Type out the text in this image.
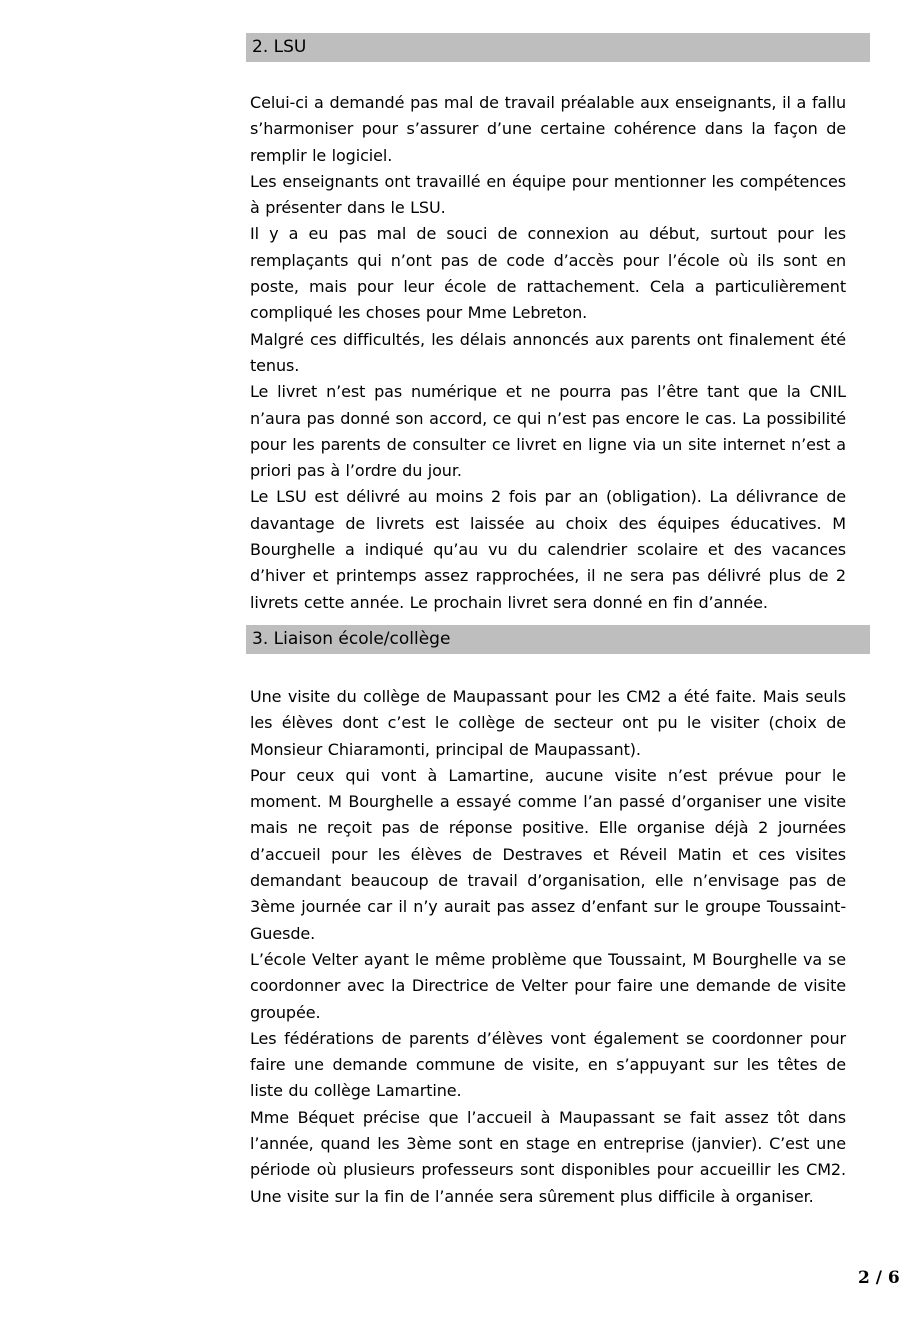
2. LSU

Celui-ci a demandé pas mal de travail préalable aux enseignants, il a fallu s’harmoniser pour s’assurer d’une certaine cohérence dans la façon de remplir le logiciel.

Les enseignants ont travaillé en équipe pour mentionner les compétences à présenter dans le LSU.

Il y a eu pas mal de souci de connexion au début, surtout pour les remplaçants qui n’ont pas de code d’accès pour l’école où ils sont en poste, mais pour leur école de rattachement. Cela a particulièrement compliqué les choses pour Mme Lebreton.

Malgré ces difficultés, les délais annoncés aux parents ont finalement été tenus.

Le livret n’est pas numérique et ne pourra pas l’être tant que la CNIL n’aura pas donné son accord, ce qui n’est pas encore le cas. La possibilité pour les parents de consulter ce livret en ligne via un site internet n’est a priori pas à l’ordre du jour.

Le LSU est délivré au moins 2 fois par an (obligation). La délivrance de davantage de livrets est laissée au choix des équipes éducatives. M Bourghelle a indiqué qu’au vu du calendrier scolaire et des vacances d’hiver et printemps assez rapprochées, il ne sera pas délivré plus de 2 livrets cette année. Le prochain livret sera donné en fin d’année.

3. Liaison école/collège

Une visite du collège de Maupassant pour les CM2 a été faite. Mais seuls les élèves dont c’est le collège de secteur ont pu le visiter (choix de Monsieur Chiaramonti, principal de Maupassant).

Pour ceux qui vont à Lamartine, aucune visite n’est prévue pour le moment. M Bourghelle a essayé comme l’an passé d’organiser une visite mais ne reçoit pas de réponse positive. Elle organise déjà 2 journées d’accueil pour les élèves de Destraves et Réveil Matin et ces visites demandant beaucoup de travail d’organisation, elle n’envisage pas de 3ème journée car il n’y aurait pas assez d’enfant sur le groupe Toussaint-Guesde.

L’école Velter ayant le même problème que Toussaint, M Bourghelle va se coordonner avec la Directrice de Velter pour faire une demande de visite groupée.

Les fédérations de parents d’élèves vont également se coordonner pour faire une demande commune de visite, en s’appuyant sur les têtes de liste du collège Lamartine.

Mme Béquet précise que l’accueil à Maupassant se fait assez tôt dans l’année, quand les 3ème sont en stage en entreprise (janvier). C’est une période où plusieurs professeurs sont disponibles pour accueillir les CM2. Une visite sur la fin de l’année sera sûrement plus difficile à organiser.

2 / 6
